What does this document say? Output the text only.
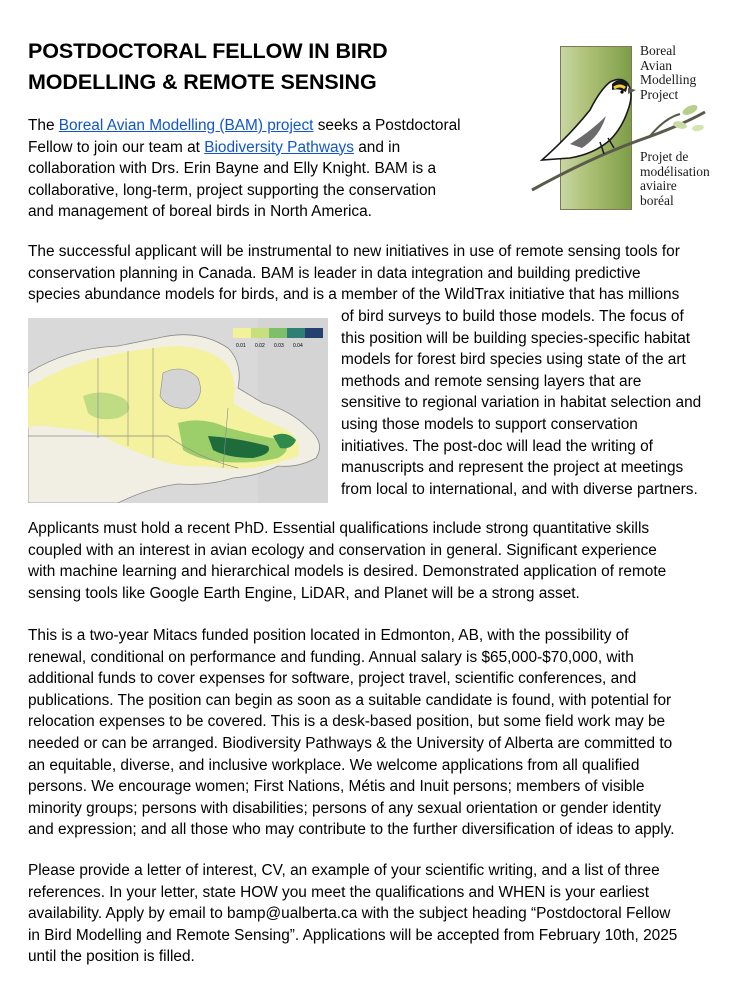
POSTDOCTORAL FELLOW IN BIRD
MODELLING & REMOTE SENSING
Boreal
Avian
Modelling
Project
Projet de
modélisation
aviaire
boréal

The Boreal Avian Modelling (BAM) project seeks a Postdoctoral
Fellow to join our team at Biodiversity Pathways and in
collaboration with Drs. Erin Bayne and Elly Knight. BAM is a
collaborative, long-term, project supporting the conservation
and management of boreal birds in North America.

The successful applicant will be instrumental to new initiatives in use of remote sensing tools for
conservation planning in Canada. BAM is leader in data integration and building predictive
species abundance models for birds, and is a member of the WildTrax initiative that has millions

of bird surveys to build those models. The focus of
this position will be building species-specific habitat
models for forest bird species using state of the art
methods and remote sensing layers that are
sensitive to regional variation in habitat selection and
using those models to support conservation
initiatives. The post-doc will lead the writing of
manuscripts and represent the project at meetings
from local to international, and with diverse partners.

0.01 0.02 0.03 0.04

Applicants must hold a recent PhD. Essential qualifications include strong quantitative skills
coupled with an interest in avian ecology and conservation in general. Significant experience
with machine learning and hierarchical models is desired. Demonstrated application of remote
sensing tools like Google Earth Engine, LiDAR, and Planet will be a strong asset.

This is a two-year Mitacs funded position located in Edmonton, AB, with the possibility of
renewal, conditional on performance and funding. Annual salary is $65,000-$70,000, with
additional funds to cover expenses for software, project travel, scientific conferences, and
publications. The position can begin as soon as a suitable candidate is found, with potential for
relocation expenses to be covered. This is a desk-based position, but some field work may be
needed or can be arranged. Biodiversity Pathways & the University of Alberta are committed to
an equitable, diverse, and inclusive workplace. We welcome applications from all qualified
persons. We encourage women; First Nations, Métis and Inuit persons; members of visible
minority groups; persons with disabilities; persons of any sexual orientation or gender identity
and expression; and all those who may contribute to the further diversification of ideas to apply.

Please provide a letter of interest, CV, an example of your scientific writing, and a list of three
references. In your letter, state HOW you meet the qualifications and WHEN is your earliest
availability. Apply by email to bamp@ualberta.ca with the subject heading “Postdoctoral Fellow
in Bird Modelling and Remote Sensing”. Applications will be accepted from February 10th, 2025
until the position is filled.
